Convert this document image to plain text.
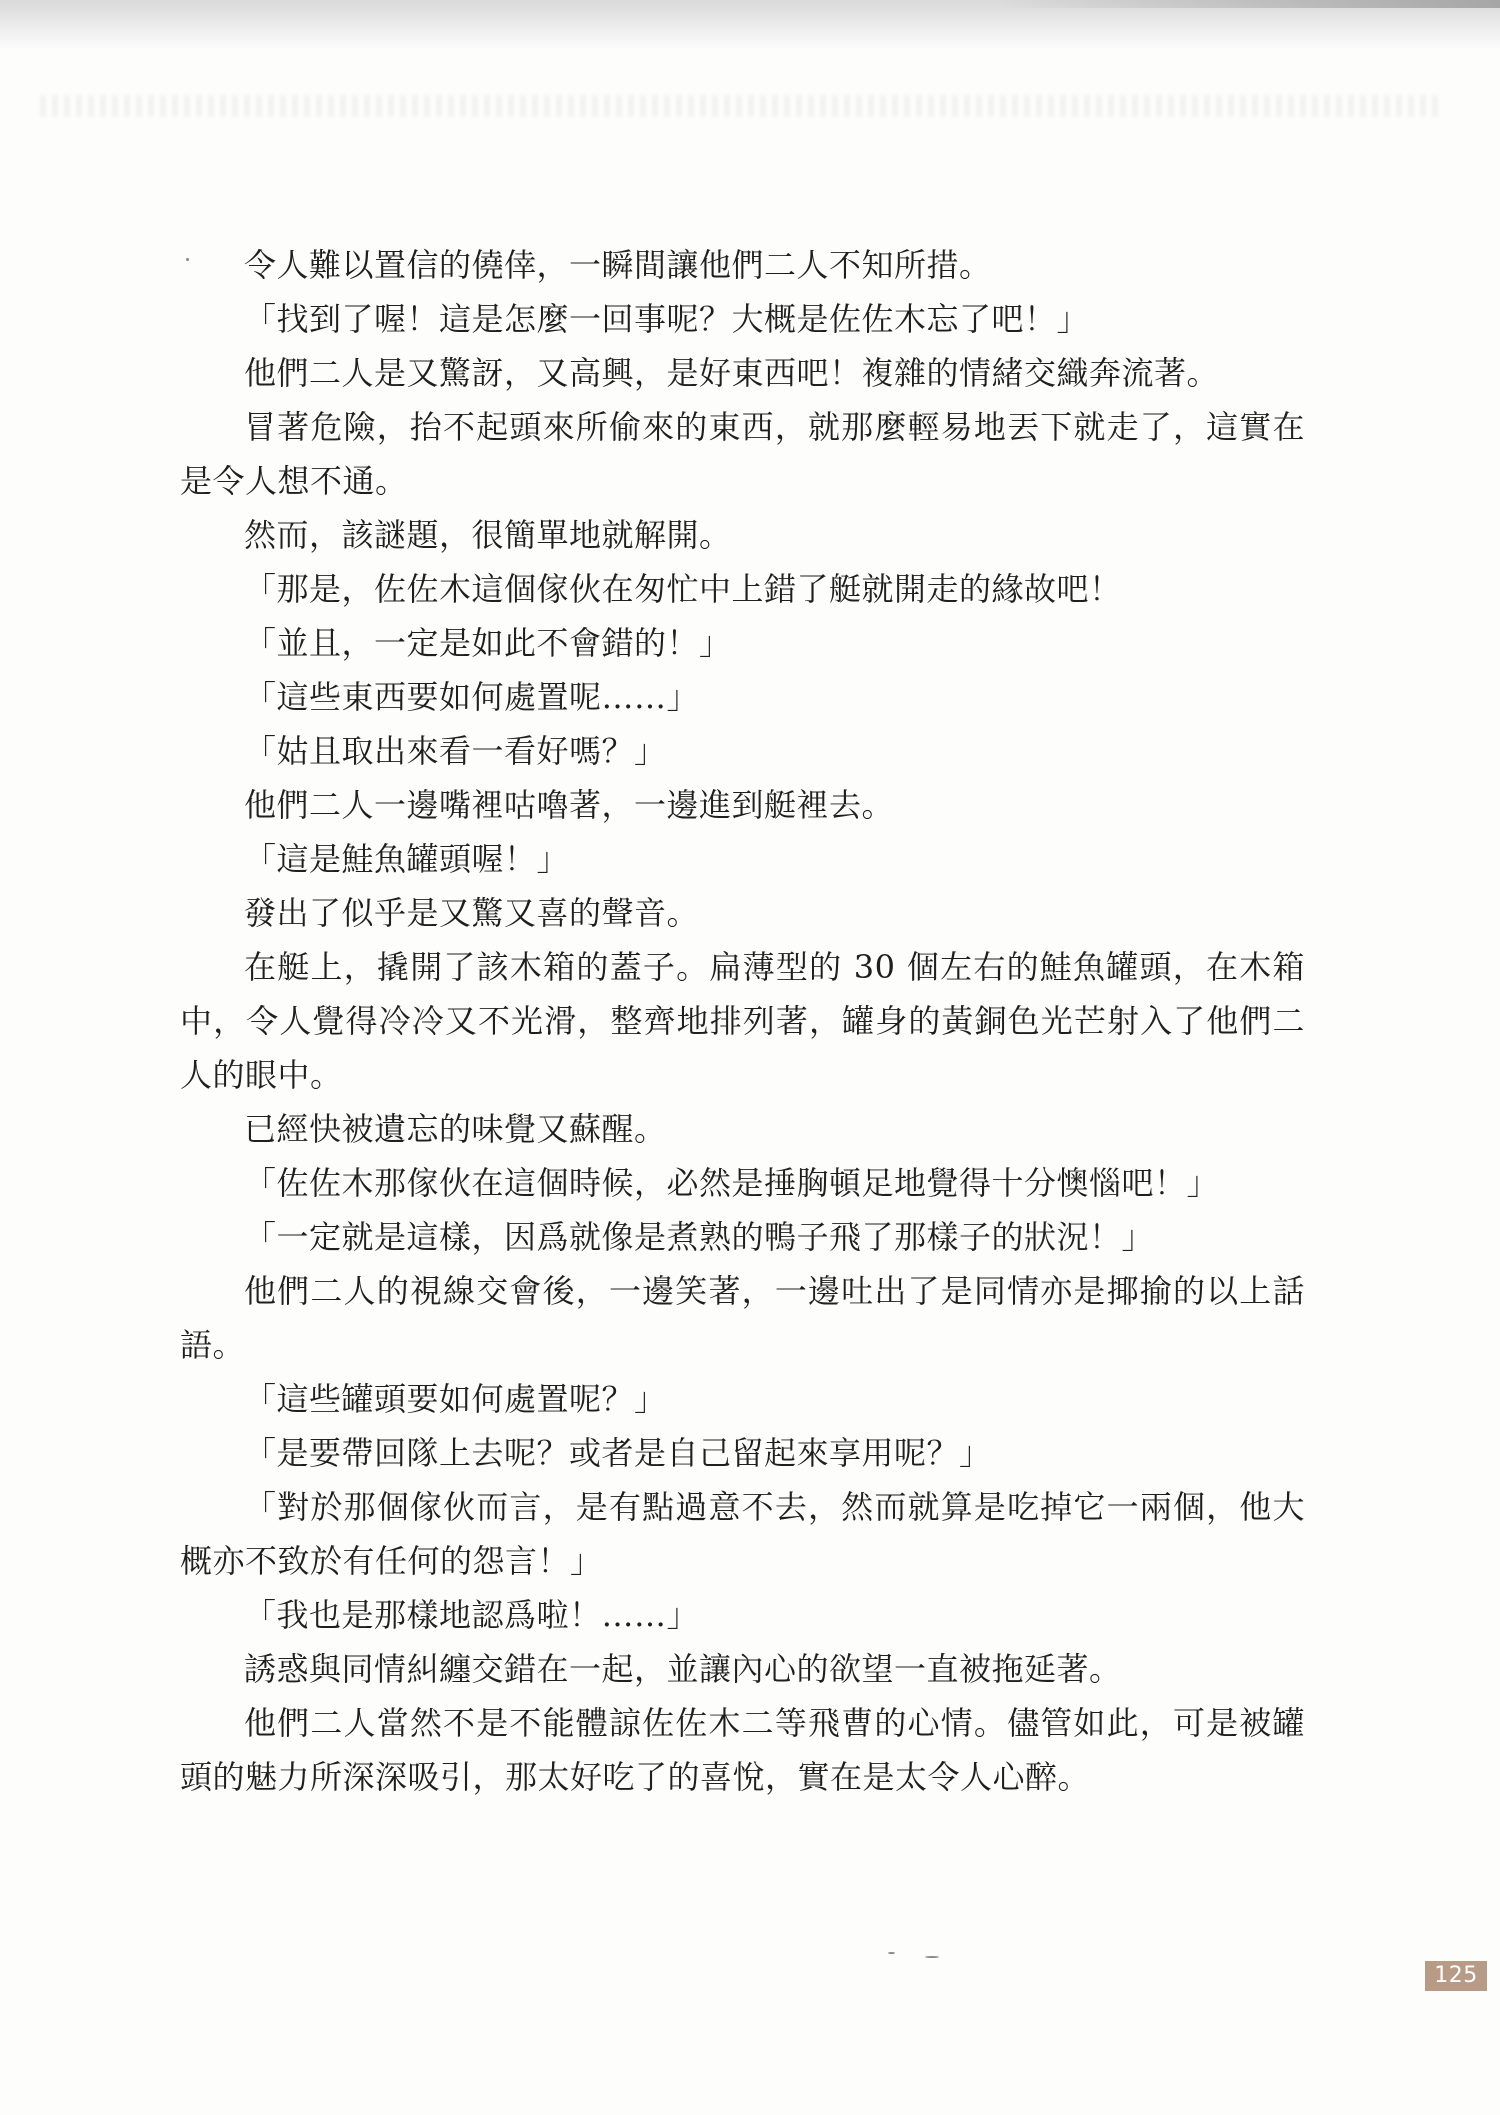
令人難以置信的僥倖，一瞬間讓他們二人不知所措。

「找到了喔！這是怎麼一回事呢？大概是佐佐木忘了吧！」

他們二人是又驚訝，又高興，是好東西吧！複雜的情緒交織奔流著。

冒著危險，抬不起頭來所偷來的東西，就那麼輕易地丟下就走了，這實在是令人想不通。

然而，該謎題，很簡單地就解開。

「那是，佐佐木這個傢伙在匆忙中上錯了艇就開走的緣故吧！

「並且，一定是如此不會錯的！」

「這些東西要如何處置呢……」

「姑且取出來看一看好嗎？」

他們二人一邊嘴裡咕嚕著，一邊進到艇裡去。

「這是鮭魚罐頭喔！」

發出了似乎是又驚又喜的聲音。

在艇上，撬開了該木箱的蓋子。扁薄型的 30 個左右的鮭魚罐頭，在木箱中，令人覺得冷冷又不光滑，整齊地排列著，罐身的黃銅色光芒射入了他們二人的眼中。

已經快被遺忘的味覺又蘇醒。

「佐佐木那傢伙在這個時候，必然是捶胸頓足地覺得十分懊惱吧！」

「一定就是這樣，因爲就像是煮熟的鴨子飛了那樣子的狀況！」

他們二人的視線交會後，一邊笑著，一邊吐出了是同情亦是揶揄的以上話語。

「這些罐頭要如何處置呢？」

「是要帶回隊上去呢？或者是自己留起來享用呢？」

「對於那個傢伙而言，是有點過意不去，然而就算是吃掉它一兩個，他大概亦不致於有任何的怨言！」

「我也是那樣地認爲啦！……」

誘惑與同情糾纏交錯在一起，並讓內心的欲望一直被拖延著。

他們二人當然不是不能體諒佐佐木二等飛曹的心情。儘管如此，可是被罐頭的魅力所深深吸引，那太好吃了的喜悅，實在是太令人心醉。

125
